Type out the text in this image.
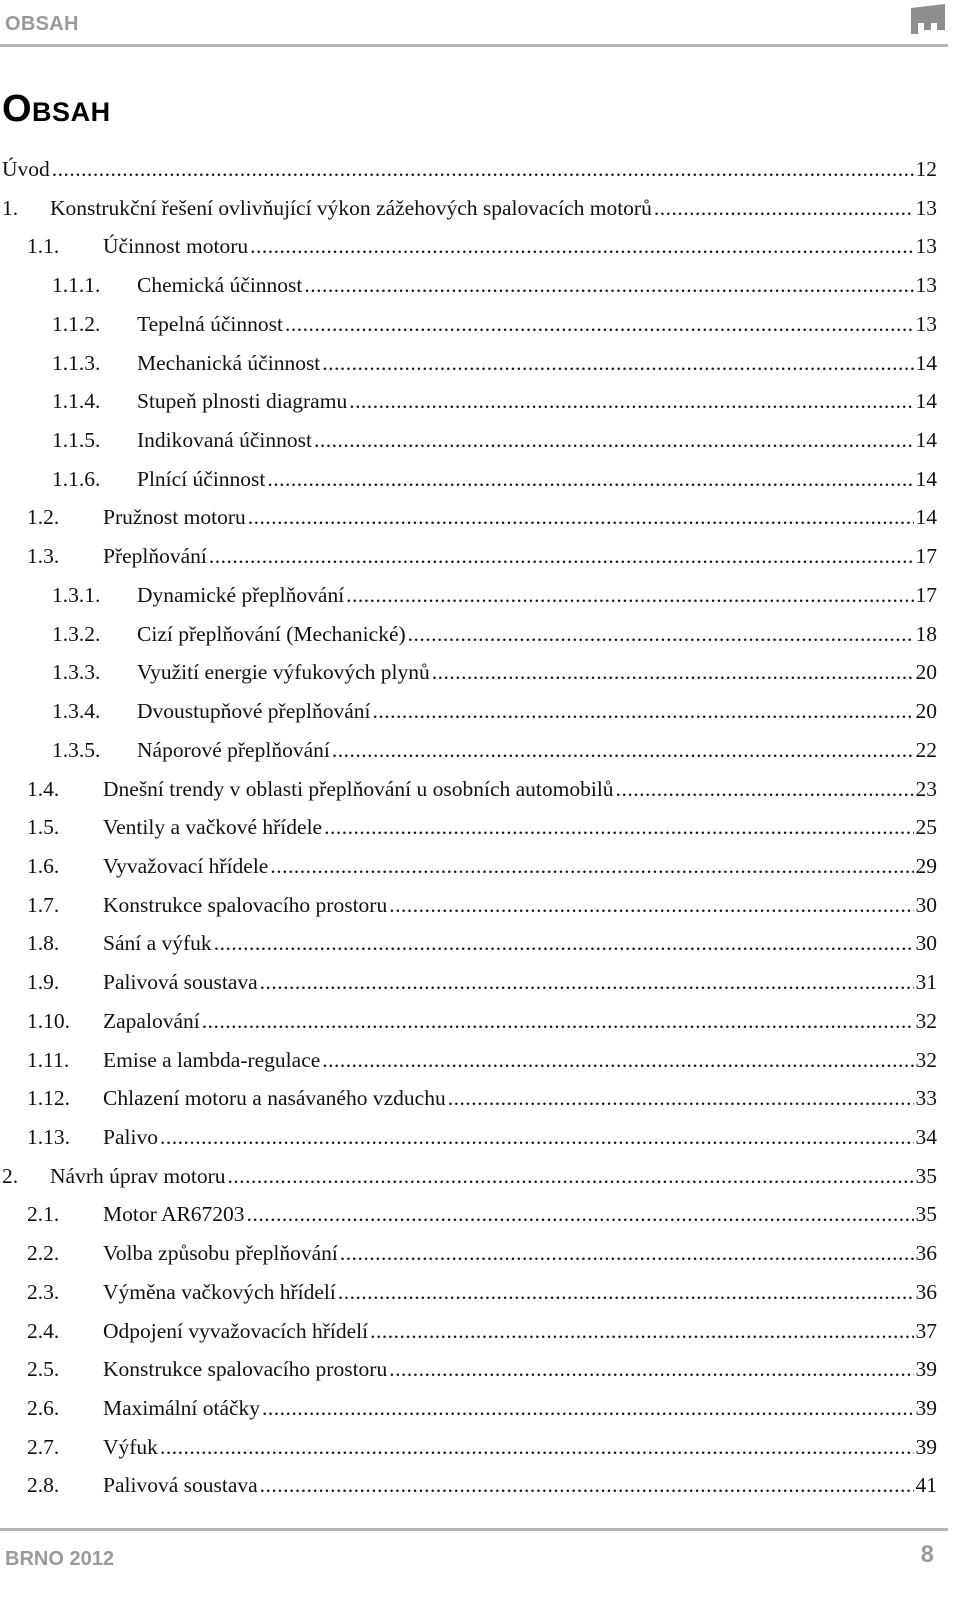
OBSAH
Obsah
Úvod .....	12
1.	Konstrukční řešení ovlivňující výkon zážehových spalovacích motorů .....	13
1.1.	Účinnost motoru .....	13
1.1.1.	Chemická účinnost .....	13
1.1.2.	Tepelná účinnost .....	13
1.1.3.	Mechanická účinnost .....	14
1.1.4.	Stupeň plnosti diagramu .....	14
1.1.5.	Indikovaná účinnost .....	14
1.1.6.	Plnící účinnost .....	14
1.2.	Pružnost motoru .....	14
1.3.	Přeplňování .....	17
1.3.1.	Dynamické přeplňování .....	17
1.3.2.	Cizí přeplňování (Mechanické) .....	18
1.3.3.	Využití energie výfukových plynů .....	20
1.3.4.	Dvoustupňové přeplňování .....	20
1.3.5.	Náporové přeplňování .....	22
1.4.	Dnešní trendy v oblasti přeplňování u osobních automobilů .....	23
1.5.	Ventily a vačkové hřídele .....	25
1.6.	Vyvažovací hřídele .....	29
1.7.	Konstrukce spalovacího prostoru .....	30
1.8.	Sání a výfuk .....	30
1.9.	Palivová soustava .....	31
1.10.	Zapalování .....	32
1.11.	Emise a lambda-regulace .....	32
1.12.	Chlazení motoru a nasávaného vzduchu .....	33
1.13.	Palivo .....	34
2.	Návrh úprav motoru .....	35
2.1.	Motor AR67203 .....	35
2.2.	Volba způsobu přeplňování .....	36
2.3.	Výměna vačkových hřídelí .....	36
2.4.	Odpojení vyvažovacích hřídelí .....	37
2.5.	Konstrukce spalovacího prostoru .....	39
2.6.	Maximální otáčky .....	39
2.7.	Výfuk .....	39
2.8.	Palivová soustava .....	41
BRNO 2012	8
